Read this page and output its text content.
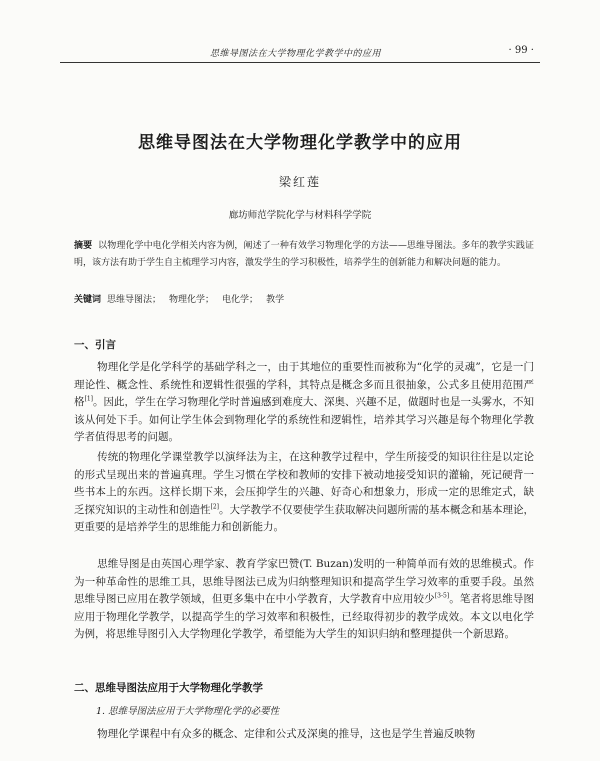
思维导图法在大学物理化学教学中的应用	· 99 ·
思维导图法在大学物理化学教学中的应用
梁红莲
廊坊师范学院化学与材料科学学院

摘要 以物理化学中电化学相关内容为例，阐述了一种有效学习物理化学的方法——思维导图法。多年的教学实践证明，该方法有助于学生自主梳理学习内容，激发学生的学习积极性，培养学生的创新能力和解决问题的能力。

关键词 思维导图法； 物理化学； 电化学； 教学

一、引言

物理化学是化学科学的基础学科之一，由于其地位的重要性而被称为“化学的灵魂”，它是一门理论性、概念性、系统性和逻辑性很强的学科，其特点是概念多而且很抽象，公式多且使用范围严格[1]。因此，学生在学习物理化学时普遍感到难度大、深奥、兴趣不足，做题时也是一头雾水，不知该从何处下手。如何让学生体会到物理化学的系统性和逻辑性，培养其学习兴趣是每个物理化学教学者值得思考的问题。

传统的物理化学课堂教学以演绎法为主，在这种教学过程中，学生所接受的知识往往是以定论的形式呈现出来的普遍真理。学生习惯在学校和教师的安排下被动地接受知识的灌输，死记硬背一些书本上的东西。这样长期下来，会压抑学生的兴趣、好奇心和想象力，形成一定的思维定式，缺乏探究知识的主动性和创造性[2]。大学教学不仅要使学生获取解决问题所需的基本概念和基本理论，更重要的是培养学生的思维能力和创新能力。

思维导图是由英国心理学家、教育学家巴赞(T. Buzan)发明的一种简单而有效的思维模式。作为一种革命性的思维工具，思维导图法已成为归纳整理知识和提高学生学习效率的重要手段。虽然思维导图已应用在教学领域，但更多集中在中小学教育，大学教育中应用较少[3-5]。笔者将思维导图应用于物理化学教学，以提高学生的学习效率和积极性，已经取得初步的教学成效。本文以电化学为例，将思维导图引入大学物理化学教学，希望能为大学生的知识归纳和整理提供一个新思路。

二、思维导图法应用于大学物理化学教学

1. 思维导图法应用于大学物理化学的必要性

物理化学课程中有众多的概念、定律和公式及深奥的推导，这也是学生普遍反映物
